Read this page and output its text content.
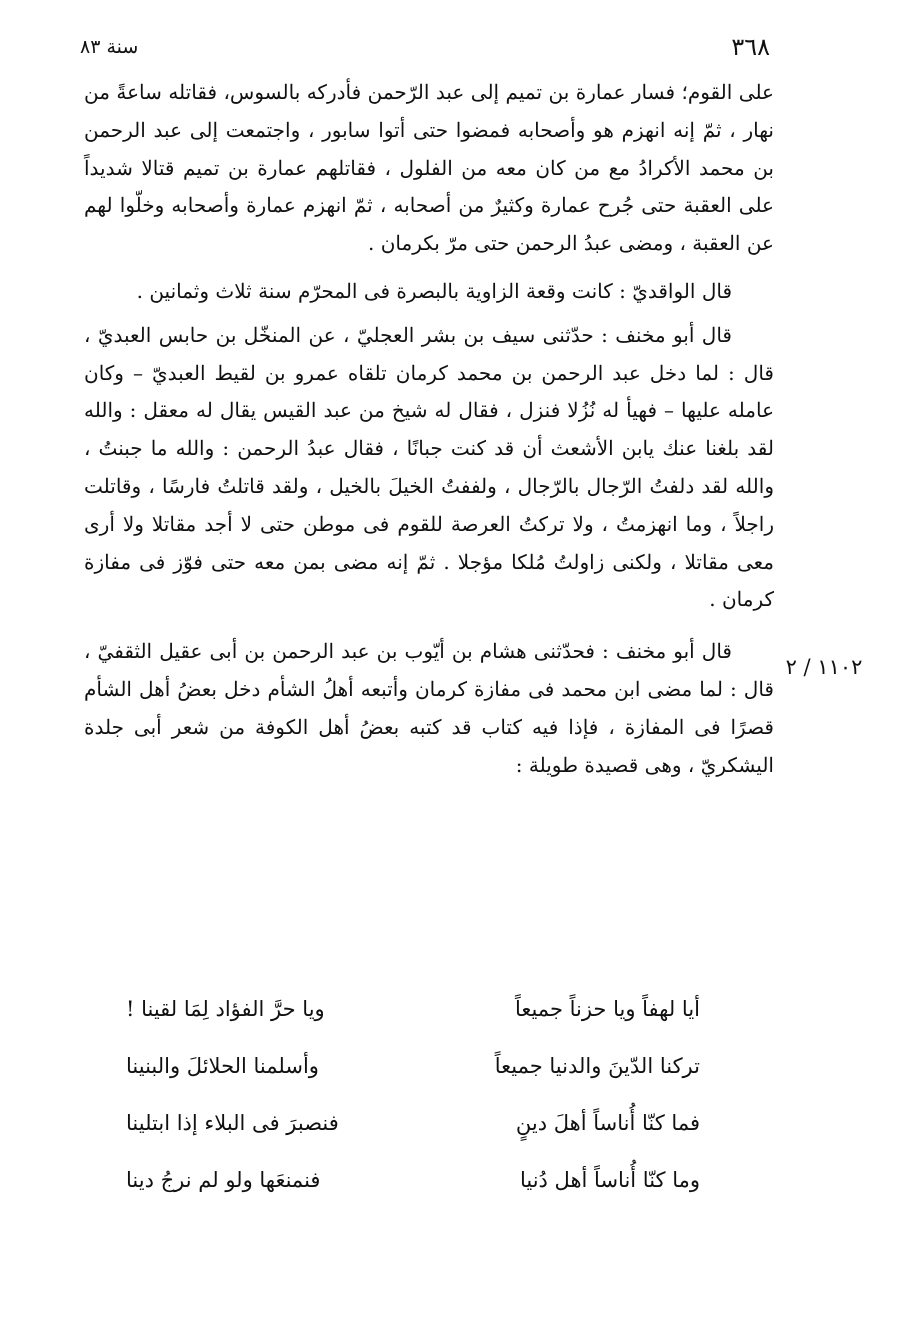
٣٦٨
سنة ٨٣
١١٠٢ / ٢

على القوم؛ فسار عمارة بن تميم إلى عبد الرّحمن فأدركه بالسوس، فقاتله ساعةً من نهار ، ثمّ إنه انهزم هو وأصحابه فمضوا حتى أتوا سابور ، واجتمعت إلى عبد الرحمن بن محمد الأكرادُ مع من كان معه من الفلول ، فقاتلهم عمارة بن تميم قتالا شديداً على العقبة حتى جُرح عمارة وكثيرٌ من أصحابه ، ثمّ انهزم عمارة وأصحابه وخلّوا لهم عن العقبة ، ومضى عبدُ الرحمن حتى مرّ بكرمان .

قال الواقديّ : كانت وقعة الزاوية بالبصرة فى المحرّم سنة ثلاث وثمانين .

قال أبو مخنف : حدّثنى سيف بن بشر العجليّ ، عن المنخّل بن حابس العبديّ ، قال : لما دخل عبد الرحمن بن محمد كرمان تلقاه عمرو بن لقيط العبديّ – وكان عامله عليها – فهيأ له نُزُلا فنزل ، فقال له شيخ من عبد القيس يقال له معقل : والله لقد بلغنا عنك يابن الأشعث أن قد كنت جبانًا ، فقال عبدُ الرحمن : والله ما جبنتُ ، والله لقد دلفتُ الرّجال بالرّجال ، ولففتُ الخيلَ بالخيل ، ولقد قاتلتُ فارسًا ، وقاتلت راجلاً ، وما انهزمتُ ، ولا تركتُ العرصة للقوم فى موطن حتى لا أجد مقاتلا ولا أرى معى مقاتلا ، ولكنى زاولتُ مُلكا مؤجلا . ثمّ إنه مضى بمن معه حتى فوّز فى مفازة كرمان .

قال أبو مخنف : فحدّثنى هشام بن أيّوب بن عبد الرحمن بن أبى عقيل الثقفيّ ، قال : لما مضى ابن محمد فى مفازة كرمان وأتبعه أهلُ الشأم دخل بعضُ أهل الشأم قصرًا فى المفازة ، فإذا فيه كتاب قد كتبه بعضُ أهل الكوفة من شعر أبى جلدة اليشكريّ ، وهى قصيدة طويلة :

أيا لهفاً ويا حزناً جميعاً
ويا حرَّ الفؤاد لِمَا لقينا !
تركنا الدّينَ والدنيا جميعاً
وأسلمنا الحلائلَ والبنينا
فما كنّا أُناساً أهلَ دينٍ
فنصبرَ فى البلاء إذا ابتلينا
وما كنّا أُناساً أهل دُنيا
فنمنعَها ولو لم نرجُ دينا
